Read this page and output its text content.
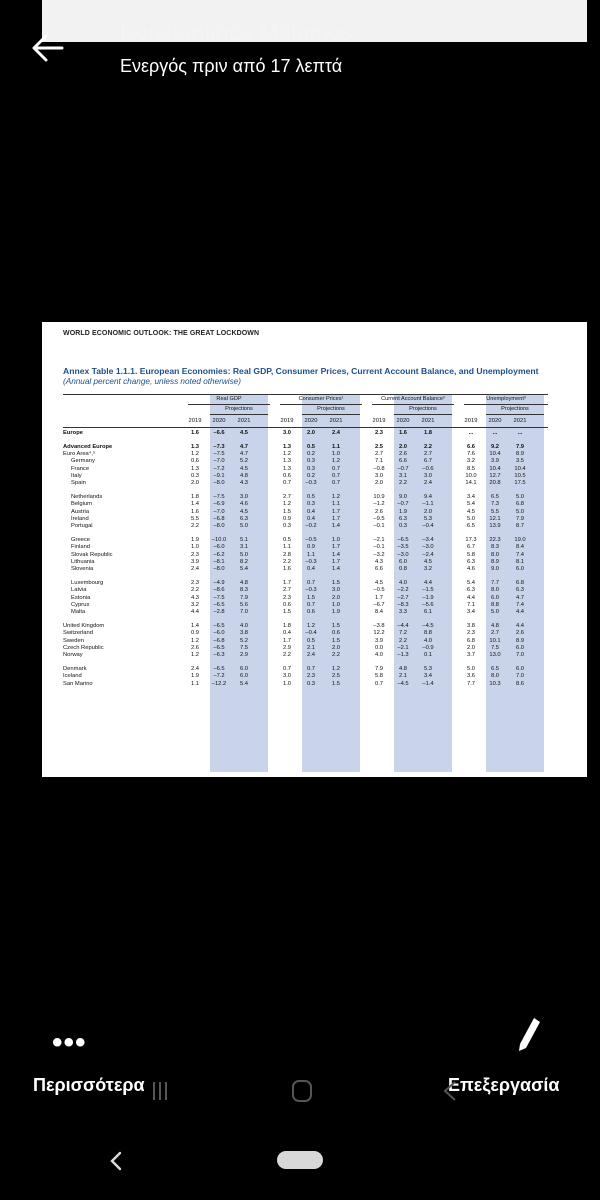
Konstantinos Malamos
Ενεργός πριν από 17 λεπτά
WORLD ECONOMIC OUTLOOK: THE GREAT LOCKDOWN
Annex Table 1.1.1. European Economies: Real GDP, Consumer Prices, Current Account Balance, and Unemployment
(Annual percent change, unless noted otherwise)
Real GDP	Consumer Prices¹	Current Account Balance²	Unemployment³
Projections	Projections	Projections	Projections
2019	2020	2021	2019	2020	2021	2019	2020	2021	2019	2020	2021
Europe	1.6	–6.6	4.5	3.0	2.0	2.4	2.3	1.6	1.8	...	...	...
Advanced Europe	1.3	–7.3	4.7	1.3	0.5	1.1	2.5	2.0	2.2	6.6	9.2	7.9
Euro Area⁴,⁵	1.2	–7.5	4.7	1.2	0.2	1.0	2.7	2.6	2.7	7.6	10.4	8.9
Germany	0.6	–7.0	5.2	1.3	0.3	1.2	7.1	6.6	6.7	3.2	3.9	3.5
France	1.3	–7.2	4.5	1.3	0.3	0.7	–0.8	–0.7	–0.6	8.5	10.4	10.4
Italy	0.3	–9.1	4.8	0.6	0.2	0.7	3.0	3.1	3.0	10.0	12.7	10.5
Spain	2.0	–8.0	4.3	0.7	–0.3	0.7	2.0	2.2	2.4	14.1	20.8	17.5
Netherlands	1.8	–7.5	3.0	2.7	0.5	1.2	10.9	9.0	9.4	3.4	6.5	5.0
Belgium	1.4	–6.9	4.6	1.2	0.3	1.1	–1.2	–0.7	–1.1	5.4	7.3	6.8
Austria	1.6	–7.0	4.5	1.5	0.4	1.7	2.6	1.9	2.0	4.5	5.5	5.0
Ireland	5.5	–6.8	6.3	0.9	0.4	1.7	–9.5	6.3	5.3	5.0	12.1	7.9
Portugal	2.2	–8.0	5.0	0.3	–0.2	1.4	–0.1	0.3	–0.4	6.5	13.9	8.7
Greece	1.9	–10.0	5.1	0.5	–0.5	1.0	–2.1	–6.5	–3.4	17.3	22.3	19.0
Finland	1.0	–6.0	3.1	1.1	0.9	1.7	–0.1	–3.5	–3.0	6.7	8.3	8.4
Slovak Republic	2.3	–6.2	5.0	2.8	1.1	1.4	–3.2	–3.0	–2.4	5.8	8.0	7.4
Lithuania	3.9	–8.1	8.2	2.2	–0.3	1.7	4.3	6.0	4.5	6.3	8.9	8.1
Slovenia	2.4	–8.0	5.4	1.6	0.4	1.4	6.6	0.8	3.2	4.6	9.0	6.0
Luxembourg	2.3	–4.9	4.8	1.7	0.7	1.5	4.5	4.0	4.4	5.4	7.7	6.8
Latvia	2.2	–8.6	8.3	2.7	–0.3	3.0	–0.5	–2.2	–1.5	6.3	8.0	6.3
Estonia	4.3	–7.5	7.9	2.3	1.5	2.0	1.7	–2.7	–1.9	4.4	6.0	4.7
Cyprus	3.2	–6.5	5.6	0.6	0.7	1.0	–6.7	–8.3	–5.6	7.1	8.8	7.4
Malta	4.4	–2.8	7.0	1.5	0.6	1.9	8.4	3.3	6.1	3.4	5.0	4.4
United Kingdom	1.4	–6.5	4.0	1.8	1.2	1.5	–3.8	–4.4	–4.5	3.8	4.8	4.4
Switzerland	0.9	–6.0	3.8	0.4	–0.4	0.6	12.2	7.2	8.8	2.3	2.7	2.6
Sweden	1.2	–6.8	5.2	1.7	0.5	1.5	3.9	2.2	4.0	6.8	10.1	8.9
Czech Republic	2.6	–6.5	7.5	2.9	2.1	2.0	0.0	–2.1	–0.9	2.0	7.5	6.0
Norway	1.2	–6.3	2.9	2.2	2.4	2.2	4.0	–1.3	0.1	3.7	13.0	7.0
Denmark	2.4	–6.5	6.0	0.7	0.7	1.2	7.9	4.8	5.3	5.0	6.5	6.0
Iceland	1.9	–7.2	6.0	3.0	2.3	2.5	5.8	2.1	3.4	3.6	8.0	7.0
San Marino	1.1	–12.2	5.4	1.0	0.3	1.5	0.7	–4.5	–1.4	7.7	10.3	8.6
•••
Περισσότερα	Επεξεργασία
